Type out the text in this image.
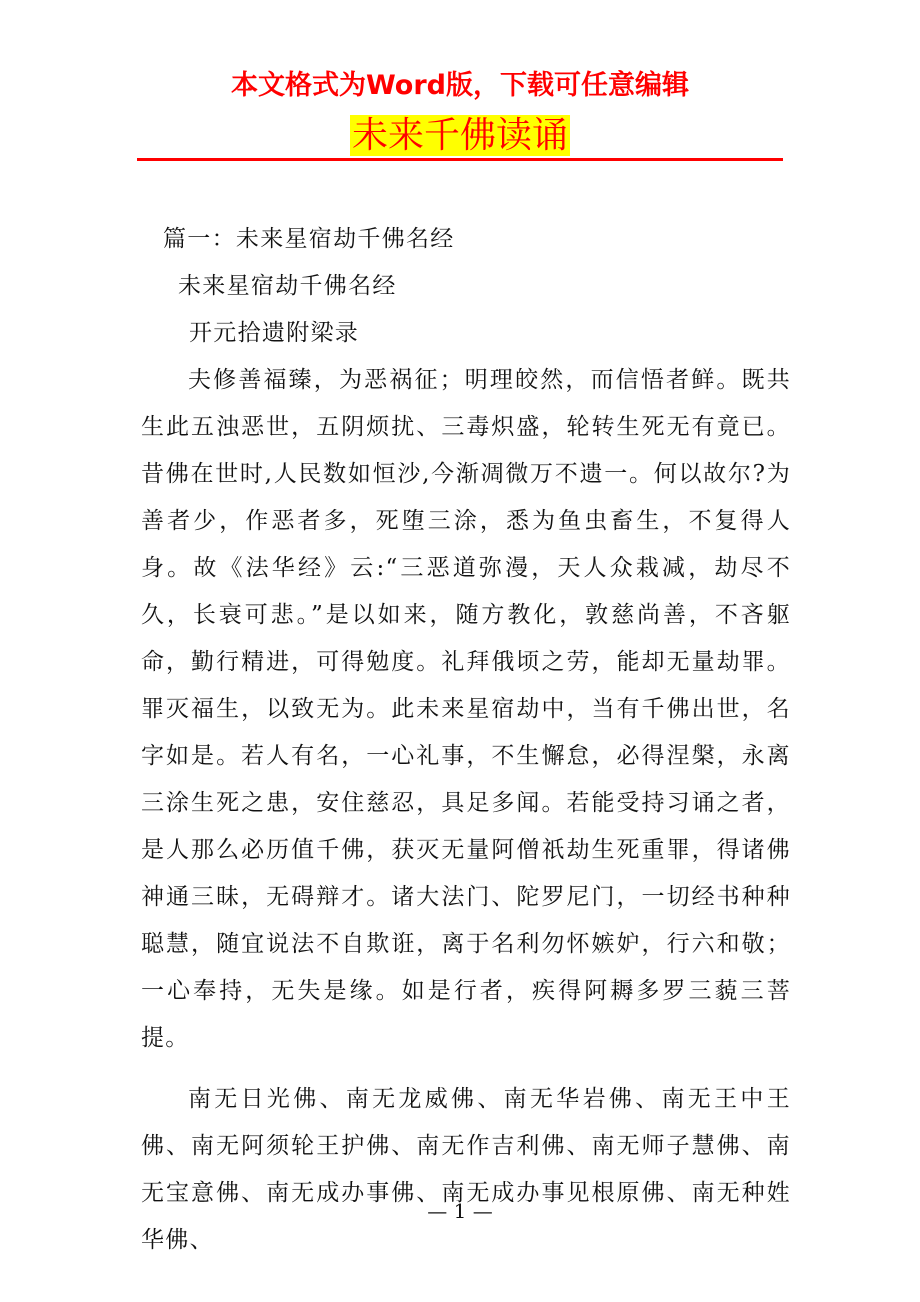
本文格式为Word版，下载可任意编辑
未来千佛读诵

篇一：未来星宿劫千佛名经

未来星宿劫千佛名经

开元拾遗附梁录

夫修善福臻，为恶祸征；明理皎然，而信悟者鲜。既共生此五浊恶世，五阴烦扰、三毒炽盛，轮转生死无有竟已。昔佛在世时,人民数如恒沙,今渐凋微万不遗一。何以故尔?为善者少，作恶者多，死堕三涂，悉为鱼虫畜生，不复得人身。故《法华经》云:“三恶道弥漫，天人众栽减，劫尽不久，长衰可悲。”是以如来，随方教化，敦慈尚善，不吝躯命，勤行精进，可得勉度。礼拜俄顷之劳，能却无量劫罪。罪灭福生，以致无为。此未来星宿劫中，当有千佛出世，名字如是。若人有名，一心礼事，不生懈怠，必得涅槃，永离三涂生死之患，安住慈忍，具足多闻。若能受持习诵之者，是人那么必历值千佛，获灭无量阿僧祇劫生死重罪，得诸佛神通三昧，无碍辩才。诸大法门、陀罗尼门，一切经书种种聪慧，随宜说法不自欺诳，离于名利勿怀嫉妒，行六和敬；一心奉持，无失是缘。如是行者，疾得阿耨多罗三藐三菩提。

南无日光佛、南无龙威佛、南无华岩佛、南无王中王佛、南无阿须轮王护佛、南无作吉利佛、南无师子慧佛、南无宝意佛、南无成办事佛、南无成办事见根原佛、南无种姓华佛、

— 1 —
